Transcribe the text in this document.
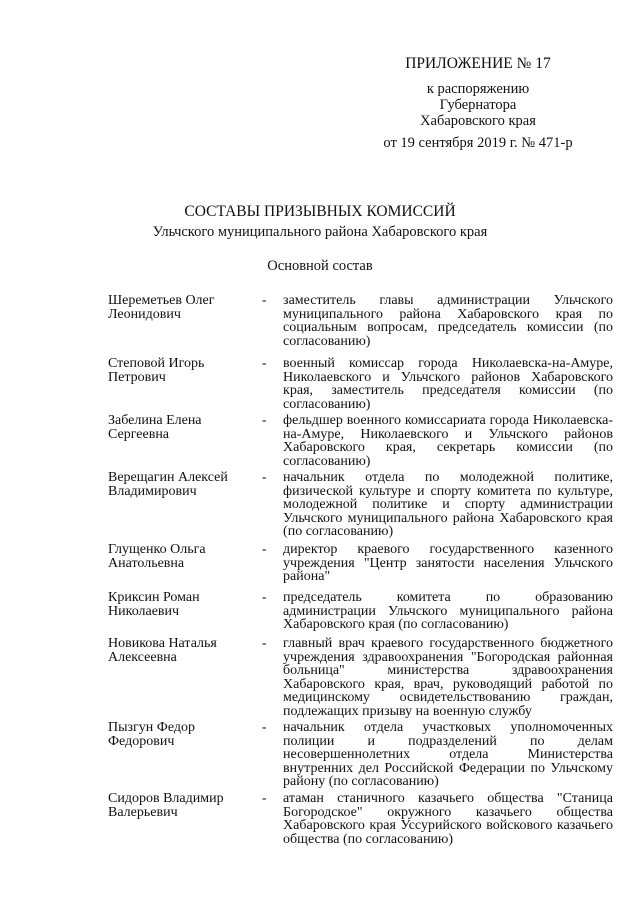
ПРИЛОЖЕНИЕ № 17
к распоряжению
Губернатора
Хабаровского края
от 19 сентября 2019 г. № 471-р
СОСТАВЫ ПРИЗЫВНЫХ КОМИССИЙ
Ульчского муниципального района Хабаровского края
Основной состав
Шереметьев Олег
Леонидович
-	заместитель главы администрации Ульчского муниципального района Хабаровского края по социальным вопросам, председатель комиссии (по согласованию)
Степовой Игорь
Петрович
-	военный комиссар города Николаевска-на-Амуре, Николаевского и Ульчского районов Хабаровского края, заместитель председателя комиссии (по согласованию)
Забелина Елена
Сергеевна
-	фельдшер военного комиссариата города Николаевска-на-Амуре, Николаевского и Ульчского районов Хабаровского края, секретарь комиссии (по согласованию)
Верещагин Алексей
Владимирович
-	начальник отдела по молодежной политике, физической культуре и спорту комитета по культуре, молодежной политике и спорту администрации Ульчского муниципального района Хабаровского края (по согласованию)
Глущенко Ольга
Анатольевна
-	директор краевого государственного казенного учреждения "Центр занятости населения Ульчского района"
Криксин Роман
Николаевич
-	председатель комитета по образованию администрации Ульчского муниципального района Хабаровского края (по согласованию)
Новикова Наталья
Алексеевна
-	главный врач краевого государственного бюджетного учреждения здравоохранения "Богородская районная больница" министерства здравоохранения Хабаровского края, врач, руководящий работой по медицинскому освидетельствованию граждан, подлежащих призыву на военную службу
Пызгун Федор
Федорович
-	начальник отдела участковых уполномоченных полиции и подразделений по делам несовершеннолетних отдела Министерства внутренних дел Российской Федерации по Ульчскому району (по согласованию)
Сидоров Владимир
Валерьевич
-	атаман станичного казачьего общества "Станица Богородское" окружного казачьего общества Хабаровского края Уссурийского войскового казачьего общества (по согласованию)
